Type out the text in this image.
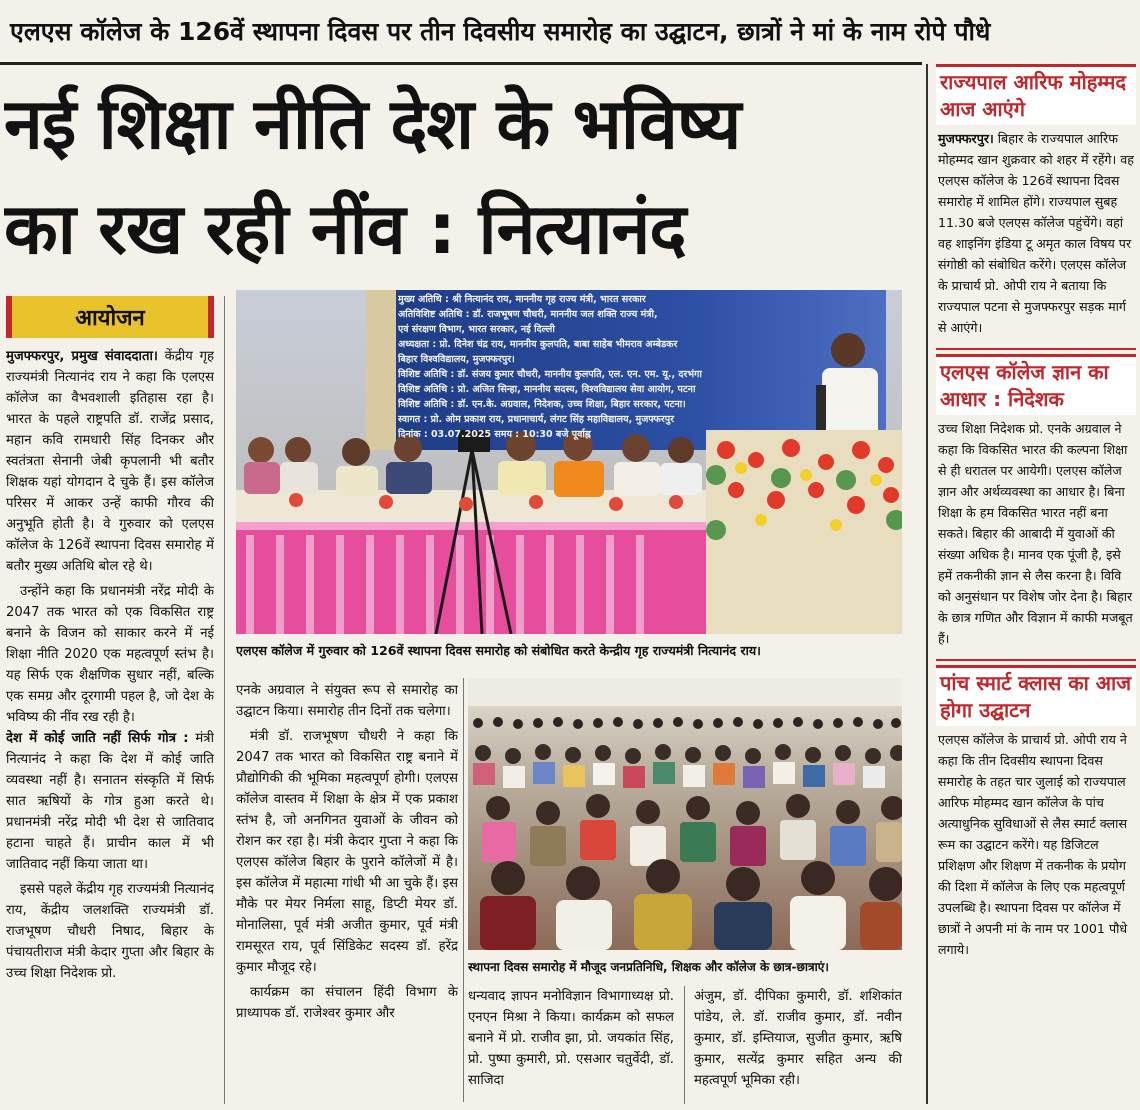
एलएस कॉलेज के 126वें स्थापना दिवस पर तीन दिवसीय समारोह का उद्घाटन, छात्रों ने मां के नाम रोपे पौधे
नई शिक्षा नीति देश के भविष्य
का रख रही नींव : नित्यानंद
आयोजन

मुजफ्फरपुर, प्रमुख संवाददाता। केंद्रीय गृह राज्यमंत्री नित्यानंद राय ने कहा कि एलएस कॉलेज का वैभवशाली इतिहास रहा है। भारत के पहले राष्ट्रपति डॉ. राजेंद्र प्रसाद, महान कवि रामधारी सिंह दिनकर और स्वतंत्रता सेनानी जेबी कृपलानी भी बतौर शिक्षक यहां योगदान दे चुके हैं। इस कॉलेज परिसर में आकर उन्हें काफी गौरव की अनुभूति होती है। वे गुरुवार को एलएस कॉलेज के 126वें स्थापना दिवस समारोह में बतौर मुख्य अतिथि बोल रहे थे।

उन्होंने कहा कि प्रधानमंत्री नरेंद्र मोदी के 2047 तक भारत को एक विकसित राष्ट्र बनाने के विजन को साकार करने में नई शिक्षा नीति 2020 एक महत्वपूर्ण स्तंभ है। यह सिर्फ एक शैक्षणिक सुधार नहीं, बल्कि एक समग्र और दूरगामी पहल है, जो देश के भविष्य की नींव रख रही है।

देश में कोई जाति नहीं सिर्फ गोत्र : मंत्री नित्यानंद ने कहा कि देश में कोई जाति व्यवस्था नहीं है। सनातन संस्कृति में सिर्फ सात ऋषियों के गोत्र हुआ करते थे। प्रधानमंत्री नरेंद्र मोदी भी देश से जातिवाद हटाना चाहते हैं। प्राचीन काल में भी जातिवाद नहीं किया जाता था।

इससे पहले केंद्रीय गृह राज्यमंत्री नित्यानंद राय, केंद्रीय जलशक्ति राज्यमंत्री डॉ. राजभूषण चौधरी निषाद, बिहार के पंचायतीराज मंत्री केदार गुप्ता और बिहार के उच्च शिक्षा निदेशक प्रो.

मुख्य अतिथि : श्री नित्यानंद राय, माननीय गृह राज्य मंत्री, भारत सरकार
अतिविशिष्ट अतिथि : डॉ. राजभूषण चौधरी, माननीय जल शक्ति राज्य मंत्री,
एवं संरक्षण विभाग, भारत सरकार, नई दिल्ली
अध्यक्षता : प्रो. दिनेश चंद्र राय, माननीय कुलपति, बाबा साहेब भीमराव अम्बेडकर
बिहार विश्वविद्यालय, मुजफ्फरपुर।
विशिष्ट अतिथि : डॉ. संजय कुमार चौधरी, माननीय कुलपति, एल. एन. एम. यू., दरभंगा
विशिष्ट अतिथि : प्रो. अजित सिन्हा, माननीय सदस्य, विश्वविद्यालय सेवा आयोग, पटना
विशिष्ट अतिथि : डॉ. एन.के. अग्रवाल, निदेशक, उच्च शिक्षा, बिहार सरकार, पटना।
स्वागत : प्रो. ओम प्रकाश राय, प्रधानाचार्य, लंगट सिंह महाविद्यालय, मुजफ्फरपुर
दिनांक : 03.07.2025 समय : 10:30 बजे पूर्वाह्न
एलएस कॉलेज में गुरुवार को 126वें स्थापना दिवस समारोह को संबोधित करते केन्द्रीय गृह राज्यमंत्री नित्यानंद राय।

एनके अग्रवाल ने संयुक्त रूप से समारोह का उद्घाटन किया। समारोह तीन दिनों तक चलेगा।

मंत्री डॉ. राजभूषण चौधरी ने कहा कि 2047 तक भारत को विकसित राष्ट्र बनाने में प्रौद्योगिकी की भूमिका महत्वपूर्ण होगी। एलएस कॉलेज वास्तव में शिक्षा के क्षेत्र में एक प्रकाश स्तंभ है, जो अनगिनत युवाओं के जीवन को रोशन कर रहा है। मंत्री केदार गुप्ता ने कहा कि एलएस कॉलेज बिहार के पुराने कॉलेजों में है। इस कॉलेज में महात्मा गांधी भी आ चुके हैं। इस मौके पर मेयर निर्मला साहू, डिप्टी मेयर डॉ. मोनालिसा, पूर्व मंत्री अजीत कुमार, पूर्व मंत्री रामसूरत राय, पूर्व सिंडिकेट सदस्य डॉ. हरेंद्र कुमार मौजूद रहे।

कार्यक्रम का संचालन हिंदी विभाग के प्राध्यापक डॉ. राजेश्वर कुमार और

स्थापना दिवस समारोह में मौजूद जनप्रतिनिधि, शिक्षक और कॉलेज के छात्र-छात्राएं।

धन्यवाद ज्ञापन मनोविज्ञान विभागाध्यक्ष प्रो. एनएन मिश्रा ने किया। कार्यक्रम को सफल बनाने में प्रो. राजीव झा, प्रो. जयकांत सिंह, प्रो. पुष्पा कुमारी, प्रो. एसआर चतुर्वेदी, डॉ. साजिदा

अंजुम, डॉ. दीपिका कुमारी, डॉ. शशिकांत पांडेय, ले. डॉ. राजीव कुमार, डॉ. नवीन कुमार, डॉ. इम्तियाज, सुजीत कुमार, ऋषि कुमार, सत्येंद्र कुमार सहित अन्य की महत्वपूर्ण भूमिका रही।

राज्यपाल आरिफ मोहम्मद आज आएंगे
मुजफ्फरपुर। बिहार के राज्यपाल आरिफ मोहम्मद खान शुक्रवार को शहर में रहेंगे। वह एलएस कॉलेज के 126वें स्थापना दिवस समारोह में शामिल होंगे। राज्यपाल सुबह 11.30 बजे एलएस कॉलेज पहुंचेंगे। वहां वह शाइनिंग इंडिया टू अमृत काल विषय पर संगोष्ठी को संबोधित करेंगे। एलएस कॉलेज के प्राचार्य प्रो. ओपी राय ने बताया कि राज्यपाल पटना से मुजफ्फरपुर सड़क मार्ग से आएंगे।
एलएस कॉलेज ज्ञान का आधार : निदेशक
उच्च शिक्षा निदेशक प्रो. एनके अग्रवाल ने कहा कि विकसित भारत की कल्पना शिक्षा से ही धरातल पर आयेगी। एलएस कॉलेज ज्ञान और अर्थव्यवस्था का आधार है। बिना शिक्षा के हम विकसित भारत नहीं बना सकते। बिहार की आबादी में युवाओं की संख्या अधिक है। मानव एक पूंजी है, इसे हमें तकनीकी ज्ञान से लैस करना है। विवि को अनुसंधान पर विशेष जोर देना है। बिहार के छात्र गणित और विज्ञान में काफी मजबूत हैं।
पांच स्मार्ट क्लास का आज होगा उद्घाटन
एलएस कॉलेज के प्राचार्य प्रो. ओपी राय ने कहा कि तीन दिवसीय स्थापना दिवस समारोह के तहत चार जुलाई को राज्यपाल आरिफ मोहम्मद खान कॉलेज के पांच अत्याधुनिक सुविधाओं से लैस स्मार्ट क्लास रूम का उद्घाटन करेंगे। यह डिजिटल प्रशिक्षण और शिक्षण में तकनीक के प्रयोग की दिशा में कॉलेज के लिए एक महत्वपूर्ण उपलब्धि है। स्थापना दिवस पर कॉलेज में छात्रों ने अपनी मां के नाम पर 1001 पौधे लगाये।
